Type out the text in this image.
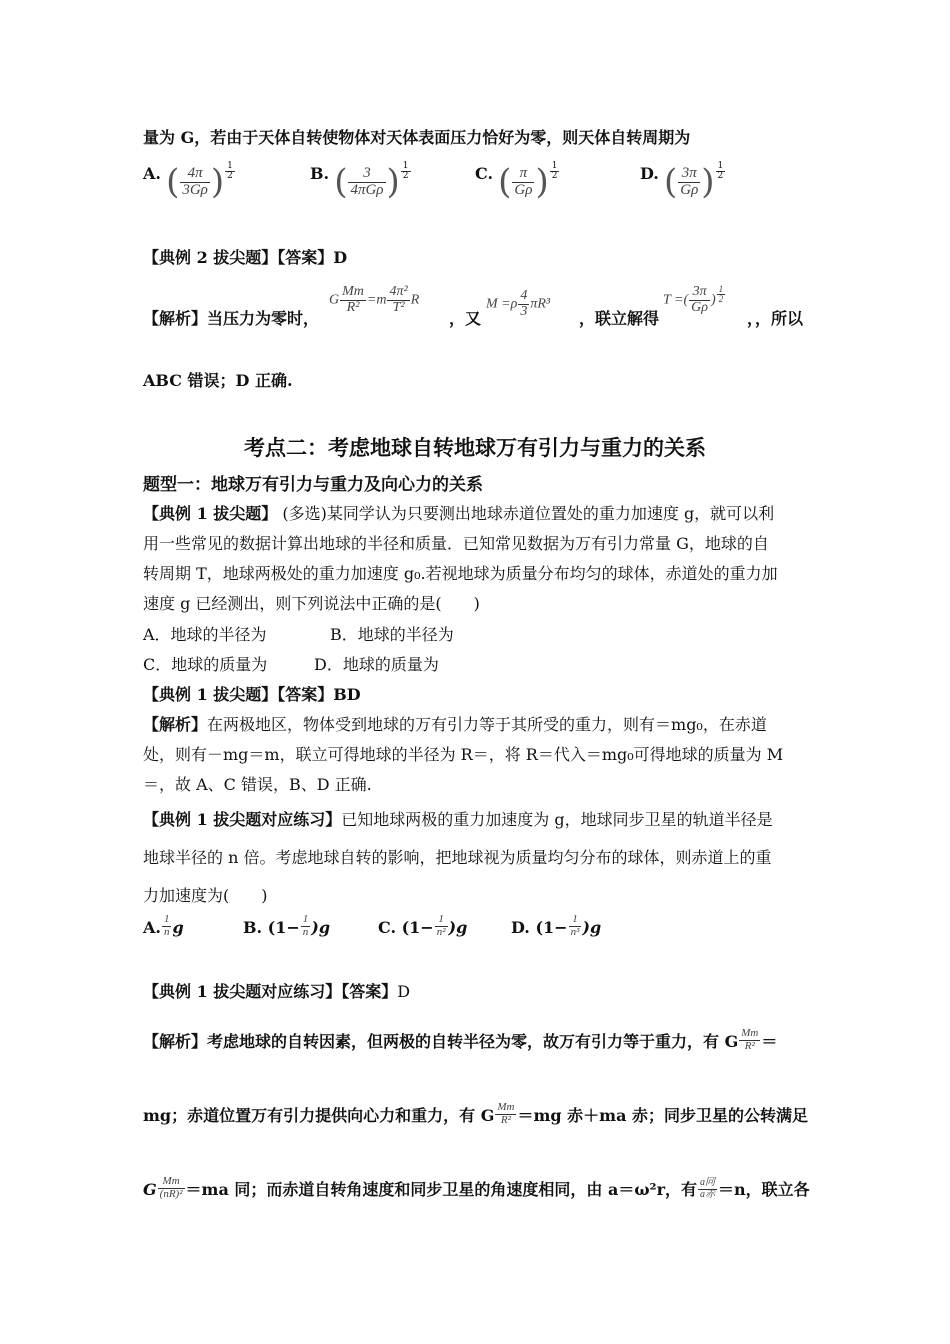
量为 G，若由于天体自转使物体对天体表面压力恰好为零，则天体自转周期为
A. ( $\frac{4\pi}{3G\rho}$ ) $\frac{1}{2}$	B. ( $\frac{3}{\text{4πGρ}}$ ) $\frac{1}{2}$	C. ( $\frac{\pi}{G\rho}$ ) $\frac{1}{2}$	D. ( $\frac{3\pi}{G\rho}$ ) $\frac{1}{2}$
【典例 2 拔尖题】【答案】D
【解析】当压力为零时，
G $\frac{Mm}{\text{R²}} =m \frac{\text{4π²}}{\text{T²}}$ R
，又
$M =\rho \frac{4}{3} \pi R^3$
，联立解得
T =( $\frac{3\pi}{G\rho}$ ) $\frac{1}{2}$
，，所以
ABC 错误；D 正确.
考点二：考虑地球自转地球万有引力与重力的关系
题型一：地球万有引力与重力及向心力的关系
【典例 1 拔尖题】 (多选)某同学认为只要测出地球赤道位置处的重力加速度 g，就可以利
用一些常见的数据计算出地球的半径和质量．已知常见数据为万有引力常量 G，地球的自
转周期 T，地球两极处的重力加速度 g₀.若视地球为质量分布均匀的球体，赤道处的重力加
速度 g 已经测出，则下列说法中正确的是(　　)
A．地球的半径为	B．地球的半径为
C．地球的质量为	D．地球的质量为
【典例 1 拔尖题】【答案】BD
【解析】在两极地区，物体受到地球的万有引力等于其所受的重力，则有＝mg₀，在赤道
处，则有－mg＝m，联立可得地球的半径为 R＝，将 R＝代入＝mg₀可得地球的质量为 M
＝，故 A、C 错误，B、D 正确.
【典例 1 拔尖题对应练习】已知地球两极的重力加速度为 g，地球同步卫星的轨道半径是
地球半径的 n 倍。考虑地球自转的影响，把地球视为质量均匀分布的球体，则赤道上的重
力加速度为(　　)
A. $\frac{1}{n}$ g	B. $(1- \frac{1}{n} )g$	C. $(1- \frac{1}{\text{n²}} )g$	D. $(1- \frac{1}{\text{n³}} )g$
【典例 1 拔尖题对应练习】【答案】D
【解析】考虑地球的自转因素，但两极的自转半径为零，故万有引力等于重力，有 G $\frac{Mm}{\text{R²}}$ ＝
mg；赤道位置万有引力提供向心力和重力，有 G $\frac{Mm}{\text{R²}} =mg$ 赤＋ma 赤；同步卫星的公转满足
G $\frac{Mm}{\text{(nR)²}} =ma$ 同；而赤道自转角速度和同步卫星的角速度相同，由 a＝ω²r，有 $\frac{\text{a同}}{\text{a赤}} =n$，联立各
